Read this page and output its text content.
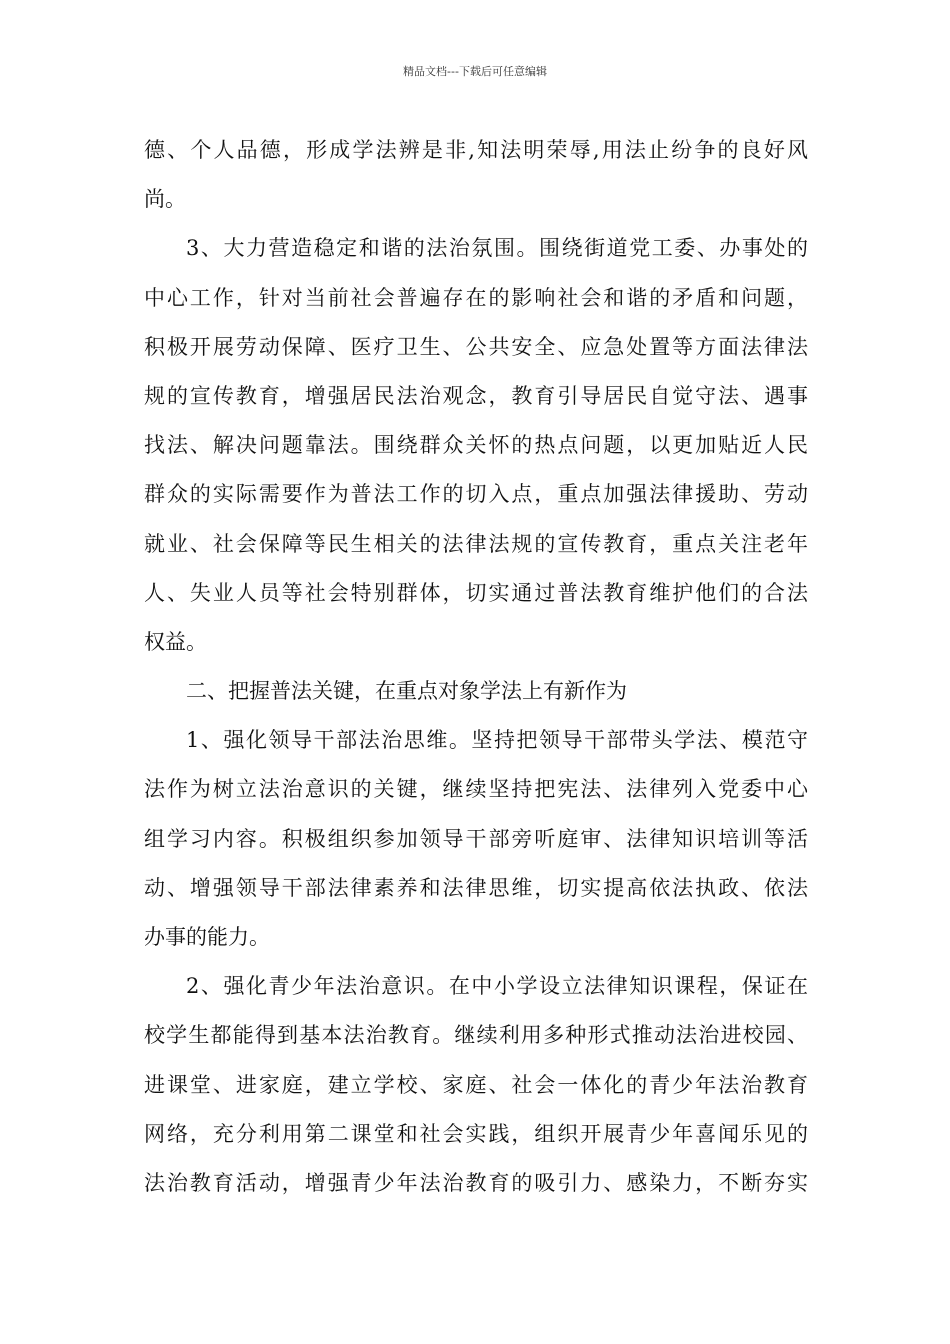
精品文档---下载后可任意编辑
德、个人品德，形成学法辨是非,知法明荣辱,用法止纷争的良好风
尚。
3、大力营造稳定和谐的法治氛围。围绕街道党工委、办事处的
中心工作，针对当前社会普遍存在的影响社会和谐的矛盾和问题，
积极开展劳动保障、医疗卫生、公共安全、应急处置等方面法律法
规的宣传教育，增强居民法治观念，教育引导居民自觉守法、遇事
找法、解决问题靠法。围绕群众关怀的热点问题，以更加贴近人民
群众的实际需要作为普法工作的切入点，重点加强法律援助、劳动
就业、社会保障等民生相关的法律法规的宣传教育，重点关注老年
人、失业人员等社会特别群体，切实通过普法教育维护他们的合法
权益。
二、把握普法关键，在重点对象学法上有新作为
1、强化领导干部法治思维。坚持把领导干部带头学法、模范守
法作为树立法治意识的关键，继续坚持把宪法、法律列入党委中心
组学习内容。积极组织参加领导干部旁听庭审、法律知识培训等活
动、增强领导干部法律素养和法律思维，切实提高依法执政、依法
办事的能力。
2、强化青少年法治意识。在中小学设立法律知识课程，保证在
校学生都能得到基本法治教育。继续利用多种形式推动法治进校园、
进课堂、进家庭，建立学校、家庭、社会一体化的青少年法治教育
网络，充分利用第二课堂和社会实践，组织开展青少年喜闻乐见的
法治教育活动，增强青少年法治教育的吸引力、感染力，不断夯实
